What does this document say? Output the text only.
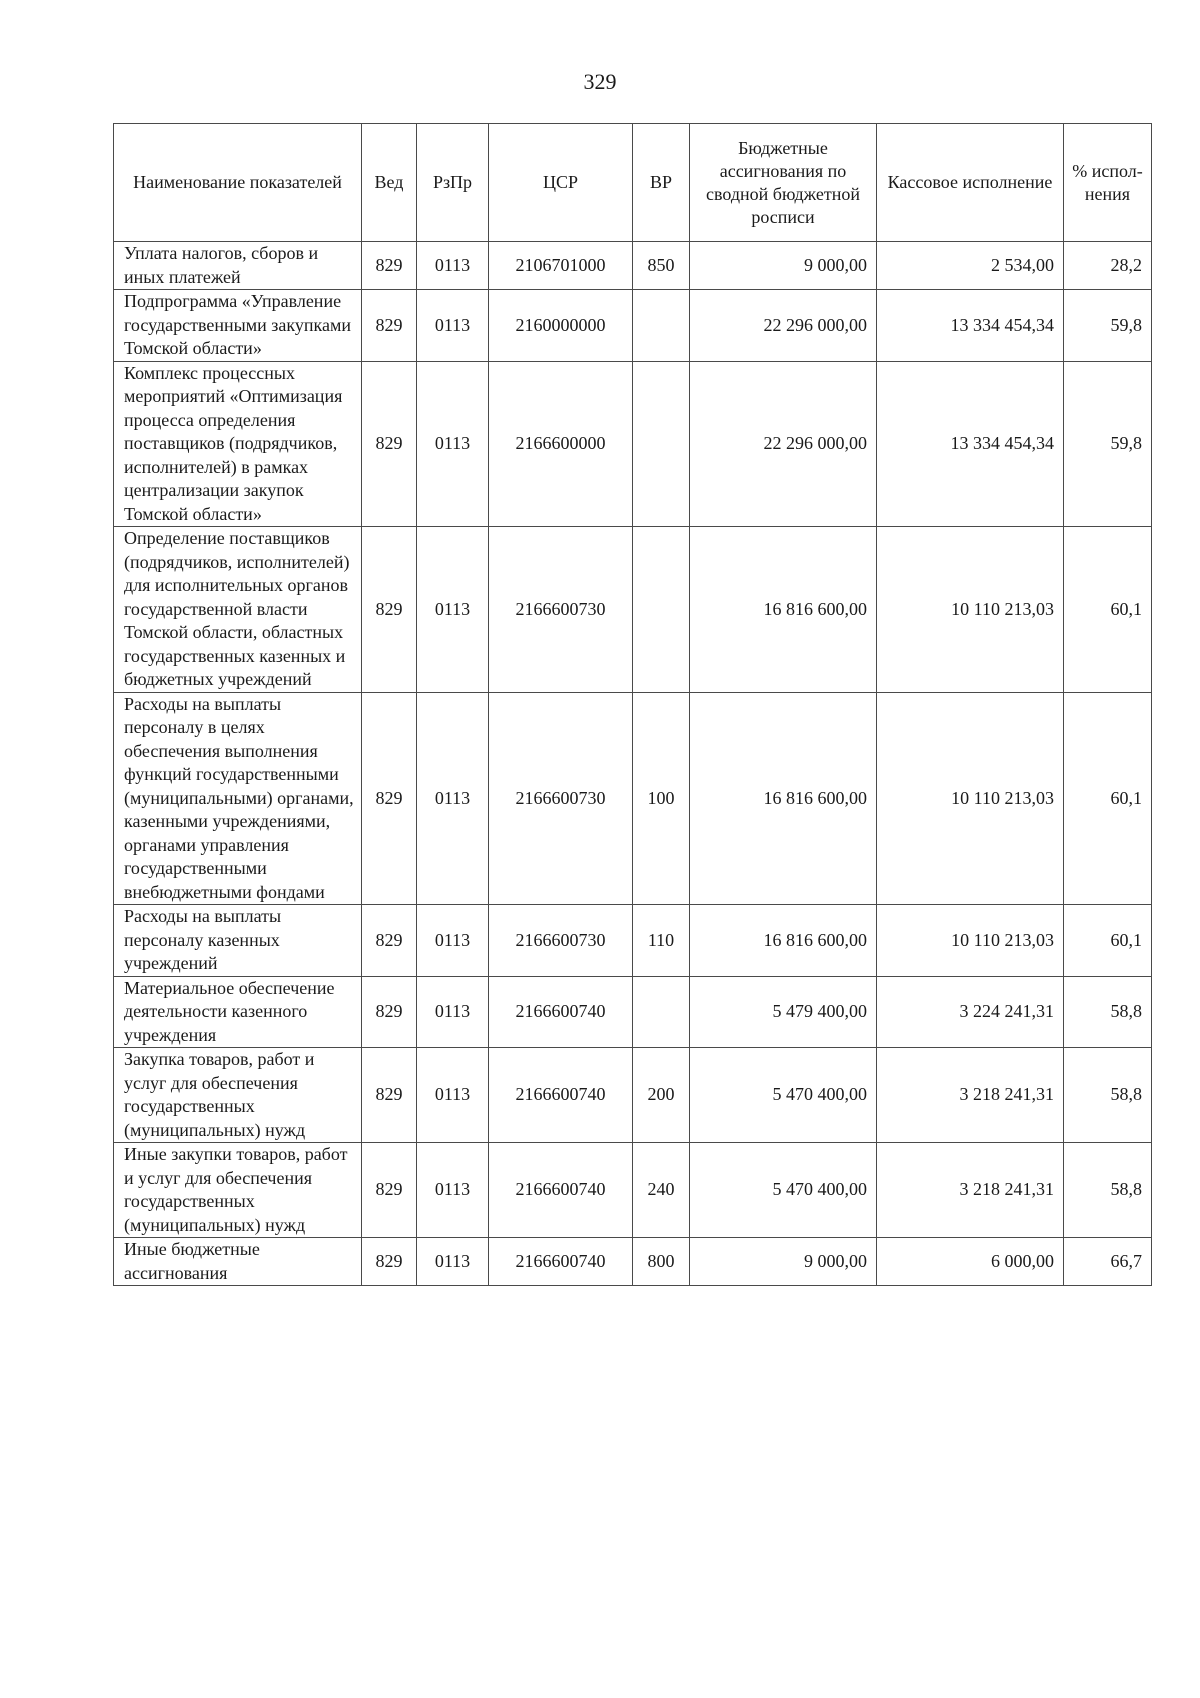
329
Наименование показателей	Вед	РзПр	ЦСР	ВР	Бюджетные ассигнования по сводной бюджетной росписи	Кассовое исполнение	% испол-нения
Уплата налогов, сборов и иных платежей	829	0113	2106701000	850	9 000,00	2 534,00	28,2
Подпрограмма «Управление государственными закупками Томской области»	829	0113	2160000000		22 296 000,00	13 334 454,34	59,8
Комплекс процессных мероприятий «Оптимизация процесса определения поставщиков (подрядчиков, исполнителей) в рамках централизации закупок Томской области»	829	0113	2166600000		22 296 000,00	13 334 454,34	59,8
Определение поставщиков (подрядчиков, исполнителей) для исполнительных органов государственной власти Томской области, областных государственных казенных и бюджетных учреждений	829	0113	2166600730		16 816 600,00	10 110 213,03	60,1
Расходы на выплаты персоналу в целях обеспечения выполнения функций государственными (муниципальными) органами, казенными учреждениями, органами управления государственными внебюджетными фондами	829	0113	2166600730	100	16 816 600,00	10 110 213,03	60,1
Расходы на выплаты персоналу казенных учреждений	829	0113	2166600730	110	16 816 600,00	10 110 213,03	60,1
Материальное обеспечение деятельности казенного учреждения	829	0113	2166600740		5 479 400,00	3 224 241,31	58,8
Закупка товаров, работ и услуг для обеспечения государственных (муниципальных) нужд	829	0113	2166600740	200	5 470 400,00	3 218 241,31	58,8
Иные закупки товаров, работ и услуг для обеспечения государственных (муниципальных) нужд	829	0113	2166600740	240	5 470 400,00	3 218 241,31	58,8
Иные бюджетные ассигнования	829	0113	2166600740	800	9 000,00	6 000,00	66,7
